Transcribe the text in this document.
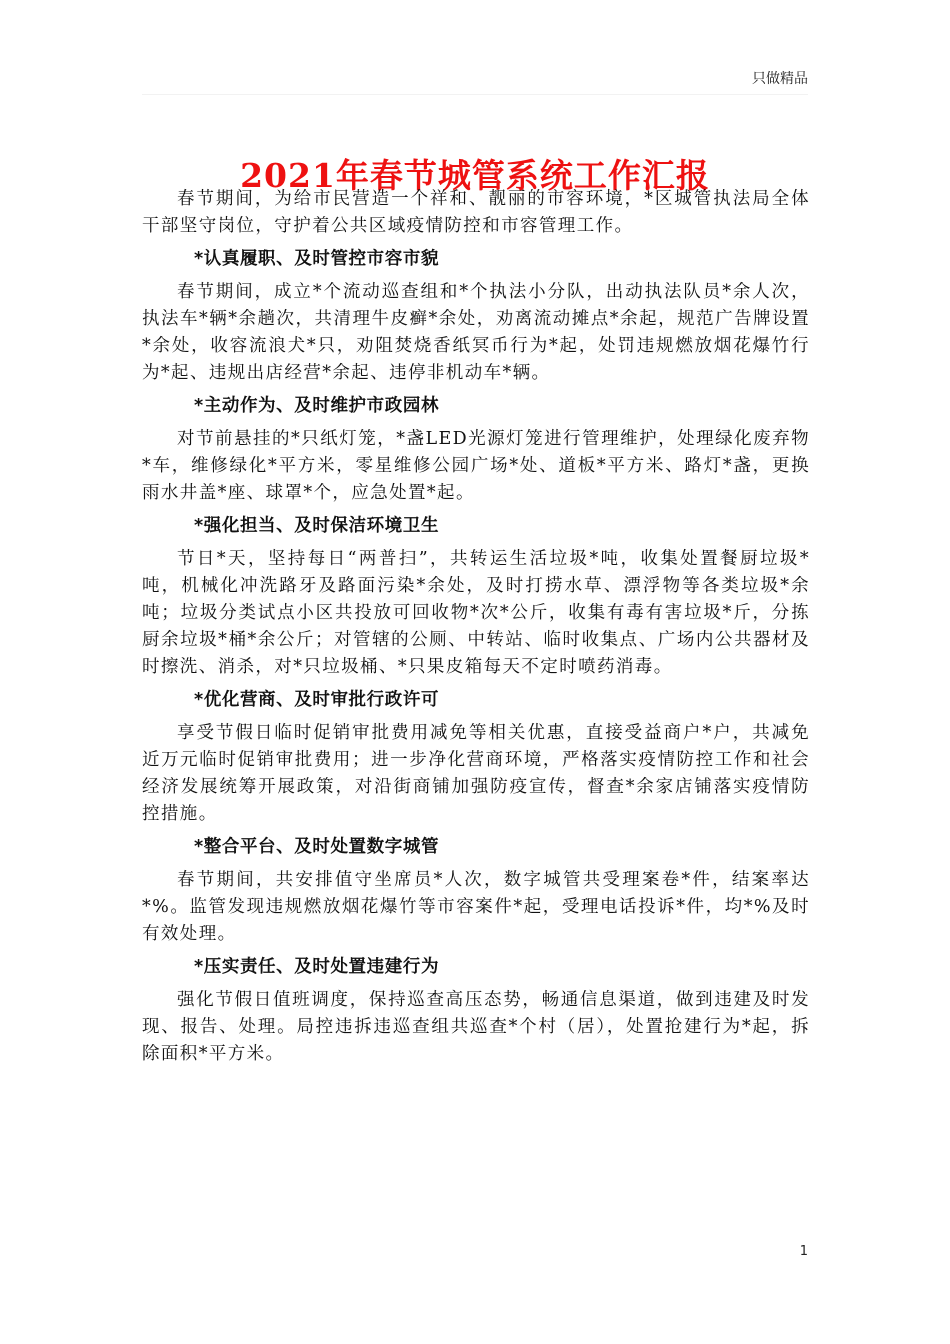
只做精品
2021年春节城管系统工作汇报

春节期间，为给市民营造一个祥和、靓丽的市容环境，*区城管执法局全体干部坚守岗位，守护着公共区域疫情防控和市容管理工作。

*认真履职、及时管控市容市貌

春节期间，成立*个流动巡查组和*个执法小分队，出动执法队员*余人次，执法车*辆*余趟次，共清理牛皮癣*余处，劝离流动摊点*余起，规范广告牌设置*余处，收容流浪犬*只，劝阻焚烧香纸冥币行为*起，处罚违规燃放烟花爆竹行为*起、违规出店经营*余起、违停非机动车*辆。

*主动作为、及时维护市政园林

对节前悬挂的*只纸灯笼，*盏LED光源灯笼进行管理维护，处理绿化废弃物*车，维修绿化*平方米，零星维修公园广场*处、道板*平方米、路灯*盏，更换雨水井盖*座、球罩*个，应急处置*起。

*强化担当、及时保洁环境卫生

节日*天，坚持每日“两普扫”，共转运生活垃圾*吨，收集处置餐厨垃圾*吨，机械化冲洗路牙及路面污染*余处，及时打捞水草、漂浮物等各类垃圾*余吨；垃圾分类试点小区共投放可回收物*次*公斤，收集有毒有害垃圾*斤，分拣厨余垃圾*桶*余公斤；对管辖的公厕、中转站、临时收集点、广场内公共器材及时擦洗、消杀，对*只垃圾桶、*只果皮箱每天不定时喷药消毒。

*优化营商、及时审批行政许可

享受节假日临时促销审批费用减免等相关优惠，直接受益商户*户，共减免近万元临时促销审批费用；进一步净化营商环境，严格落实疫情防控工作和社会经济发展统筹开展政策，对沿街商铺加强防疫宣传，督查*余家店铺落实疫情防控措施。

*整合平台、及时处置数字城管

春节期间，共安排值守坐席员*人次，数字城管共受理案卷*件，结案率达*%。监管发现违规燃放烟花爆竹等市容案件*起，受理电话投诉*件，均*%及时有效处理。

*压实责任、及时处置违建行为

强化节假日值班调度，保持巡查高压态势，畅通信息渠道，做到违建及时发现、报告、处理。局控违拆违巡查组共巡查*个村（居），处置抢建行为*起，拆除面积*平方米。

1
